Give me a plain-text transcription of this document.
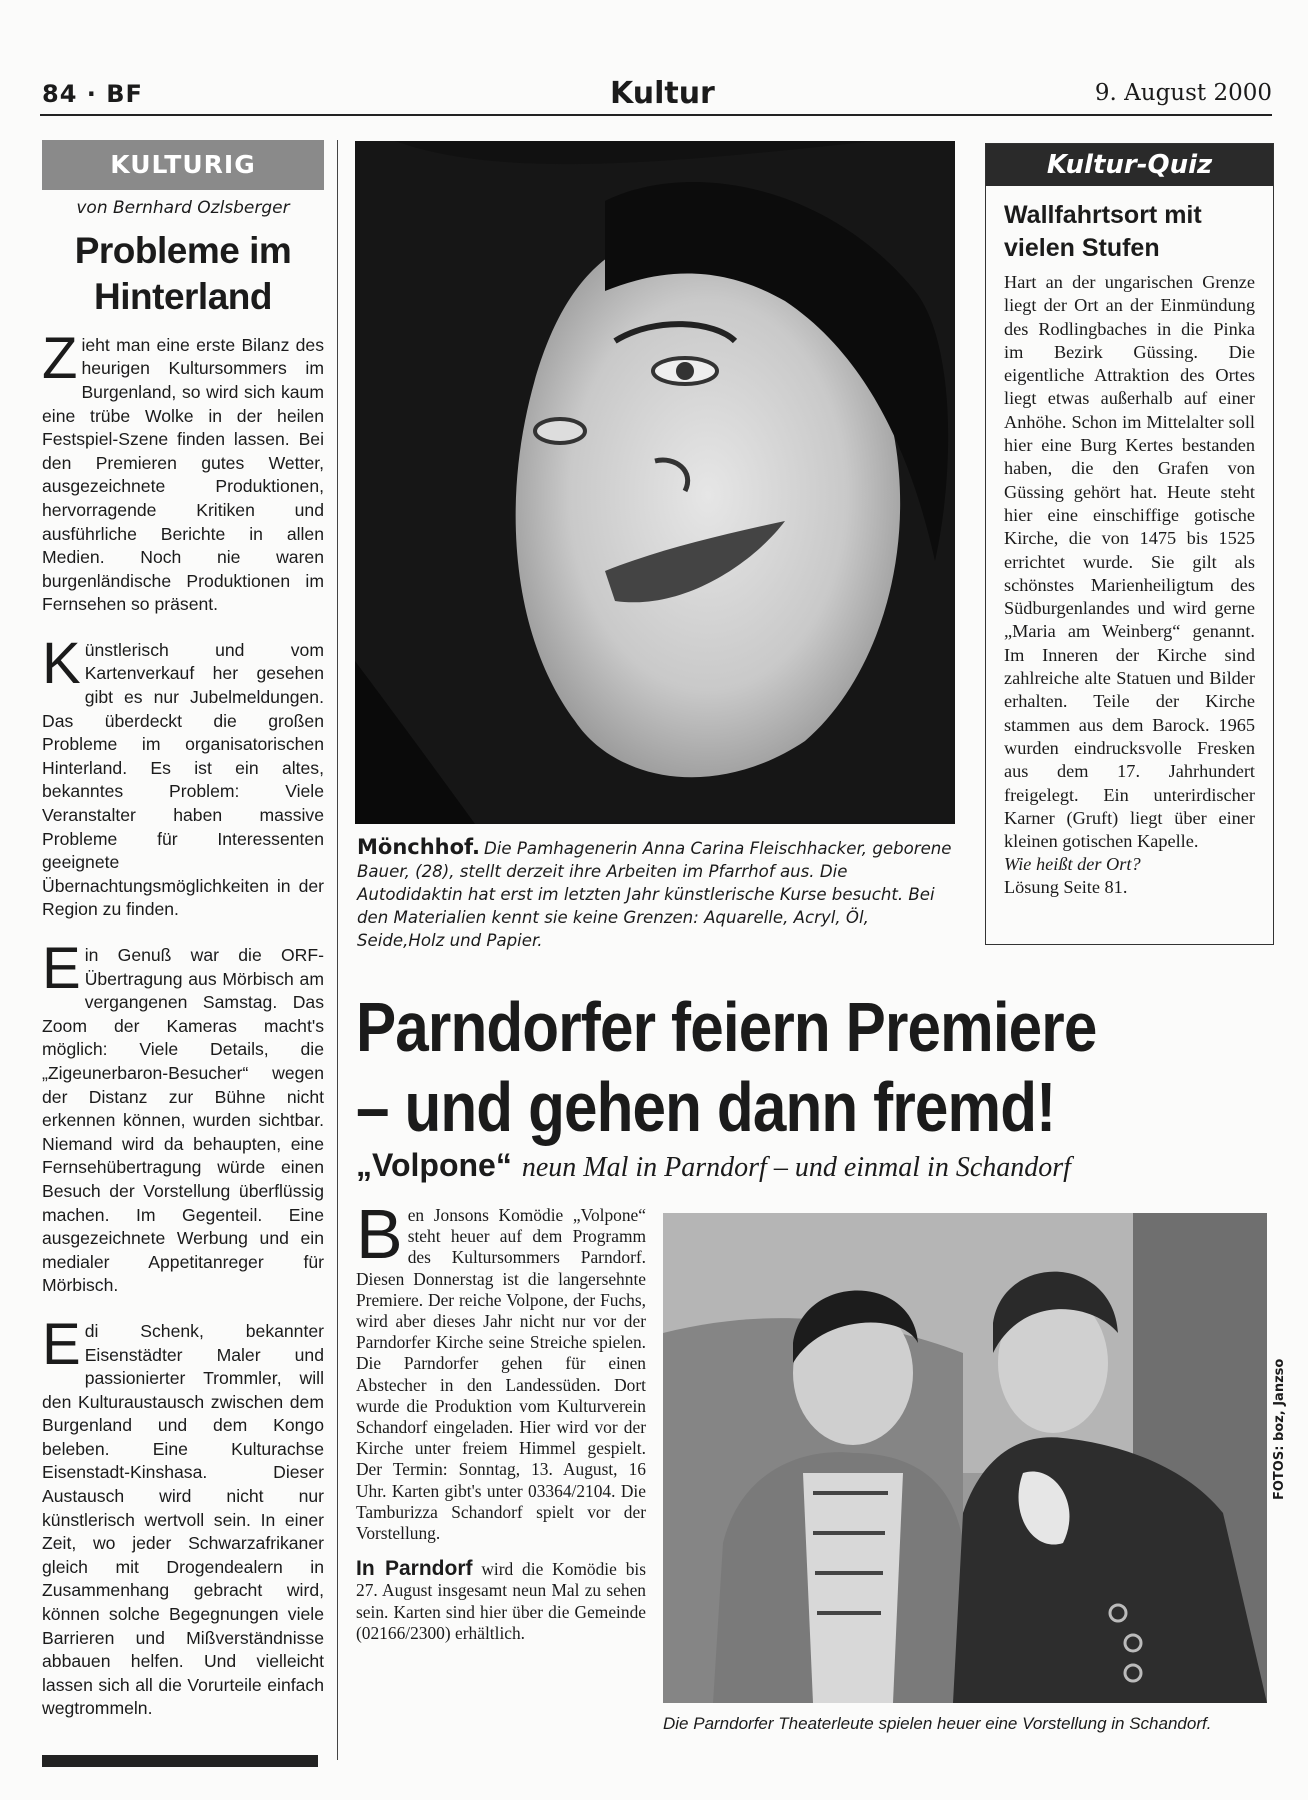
84 · BF	Kultur	9. August 2000
KULTURIG
von Bernhard Ozlsberger
Probleme im Hinterland

Zieht man eine erste Bilanz des heurigen Kultursommers im Burgenland, so wird sich kaum eine trübe Wolke in der heilen Festspiel-Szene finden lassen. Bei den Premieren gutes Wetter, ausgezeichnete Produktionen, hervorragende Kritiken und ausführliche Berichte in allen Medien. Noch nie waren burgenländische Produktionen im Fernsehen so präsent.

Künstlerisch und vom Kartenverkauf her gesehen gibt es nur Jubelmeldungen. Das überdeckt die großen Probleme im organisatorischen Hinterland. Es ist ein altes, bekanntes Problem: Viele Veranstalter haben massive Probleme für Interessenten geeignete Übernachtungsmöglichkeiten in der Region zu finden.

Ein Genuß war die ORF-Übertragung aus Mörbisch am vergangenen Samstag. Das Zoom der Kameras macht's möglich: Viele Details, die „Zigeunerbaron-Besucher“ wegen der Distanz zur Bühne nicht erkennen können, wurden sichtbar. Niemand wird da behaupten, eine Fernsehübertragung würde einen Besuch der Vorstellung überflüssig machen. Im Gegenteil. Eine ausgezeichnete Werbung und ein medialer Appetitanreger für Mörbisch.

Edi Schenk, bekannter Eisenstädter Maler und passionierter Trommler, will den Kulturaustausch zwischen dem Burgenland und dem Kongo beleben. Eine Kulturachse Eisenstadt-Kinshasa. Dieser Austausch wird nicht nur künstlerisch wertvoll sein. In einer Zeit, wo jeder Schwarzafrikaner gleich mit Drogendealern in Zusammenhang gebracht wird, können solche Begegnungen viele Barrieren und Mißverständnisse abbauen helfen. Und vielleicht lassen sich all die Vorurteile einfach wegtrommeln.

Mönchhof. Die Pamhagenerin Anna Carina Fleischhacker, geborene Bauer, (28), stellt derzeit ihre Arbeiten im Pfarrhof aus. Die Autodidaktin hat erst im letzten Jahr künstlerische Kurse besucht. Bei den Materialien kennt sie keine Grenzen: Aquarelle, Acryl, Öl, Seide,Holz und Papier.
Kultur-Quiz
Wallfahrtsort mit vielen Stufen
Hart an der ungarischen Grenze liegt der Ort an der Einmündung des Rodlingbaches in die Pinka im Bezirk Güssing. Die eigentliche Attraktion des Ortes liegt etwas außerhalb auf einer Anhöhe. Schon im Mittelalter soll hier eine Burg Kertes bestanden haben, die den Grafen von Güssing gehört hat. Heute steht hier eine einschiffige gotische Kirche, die von 1475 bis 1525 errichtet wurde. Sie gilt als schönstes Marienheiligtum des Südburgenlandes und wird gerne „Maria am Weinberg“ genannt. Im Inneren der Kirche sind zahlreiche alte Statuen und Bilder erhalten. Teile der Kirche stammen aus dem Barock. 1965 wurden eindrucksvolle Fresken aus dem 17. Jahrhundert freigelegt. Ein unterirdischer Karner (Gruft) liegt über einer kleinen gotischen Kapelle.
Wie heißt der Ort?
Lösung Seite 81.
Parndorfer feiern Premiere
– und gehen dann fremd!
„Volpone“ neun Mal in Parndorf – und einmal in Schandorf

Ben Jonsons Komödie „Volpone“ steht heuer auf dem Programm des Kultursommers Parndorf. Diesen Donnerstag ist die langersehnte Premiere. Der reiche Volpone, der Fuchs, wird aber dieses Jahr nicht nur vor der Parndorfer Kirche seine Streiche spielen. Die Parndorfer gehen für einen Abstecher in den Landessüden. Dort wurde die Produktion vom Kulturverein Schandorf eingeladen. Hier wird vor der Kirche unter freiem Himmel gespielt. Der Termin: Sonntag, 13. August, 16 Uhr. Karten gibt's unter 03364/2104. Die Tamburizza Schandorf spielt vor der Vorstellung.

In Parndorf wird die Komödie bis 27. August insgesamt neun Mal zu sehen sein. Karten sind hier über die Gemeinde (02166/2300) erhältlich.

FOTOS: boz, Janzso
Die Parndorfer Theaterleute spielen heuer eine Vorstellung in Schandorf.
